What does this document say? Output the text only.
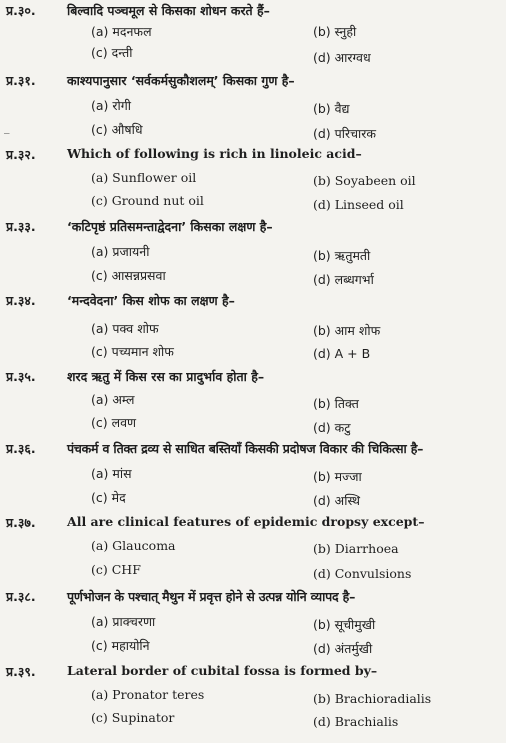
प्र.३०.	बिल्वादि पञ्चमूल से किसका शोधन करते हैं–
(a) मदनफल	(b) स्नुही
(c) दन्ती	(d) आरग्वध
प्र.३१.	काश्यपानुसार ‘सर्वकर्मसुकौशलम्’ किसका गुण है–
(a) रोगी	(b) वैद्य
(c) औषधि	(d) परिचारक
‾
प्र.३२.	Which of following is rich in linoleic acid–
(a) Sunflower oil	(b) Soyabeen oil
(c) Ground nut oil	(d) Linseed oil
प्र.३३.	‘कटिपृष्ठं प्रतिसमन्ताद्वेदना’ किसका लक्षण है–
(a) प्रजायनी	(b) ऋतुमती
(c) आसन्नप्रसवा	(d) लब्धगर्भा
प्र.३४.	‘मन्दवेदना’ किस शोफ का लक्षण है–
(a) पक्व शोफ	(b) आम शोफ
(c) पच्यमान शोफ	(d) A + B
प्र.३५.	शरद ऋतु में किस रस का प्रादुर्भाव होता है–
(a) अम्ल	(b) तिक्त
(c) लवण	(d) कटु
प्र.३६.	पंचकर्म व तिक्त द्रव्य से साधित बस्तियाँ किसकी प्रदोषज विकार की चिकित्सा है–
(a) मांस	(b) मज्जा
(c) मेद	(d) अस्थि
प्र.३७.	All are clinical features of epidemic dropsy except–
(a) Glaucoma	(b) Diarrhoea
(c) CHF	(d) Convulsions
प्र.३८.	पूर्णभोजन के पश्चात् मैथुन में प्रवृत्त होने से उत्पन्न योनि व्यापद है–
(a) प्राक्चरणा	(b) सूचीमुखी
(c) महायोनि	(d) अंतर्मुखी
प्र.३९.	Lateral border of cubital fossa is formed by–
(a) Pronator teres	(b) Brachioradialis
(c) Supinator	(d) Brachialis
